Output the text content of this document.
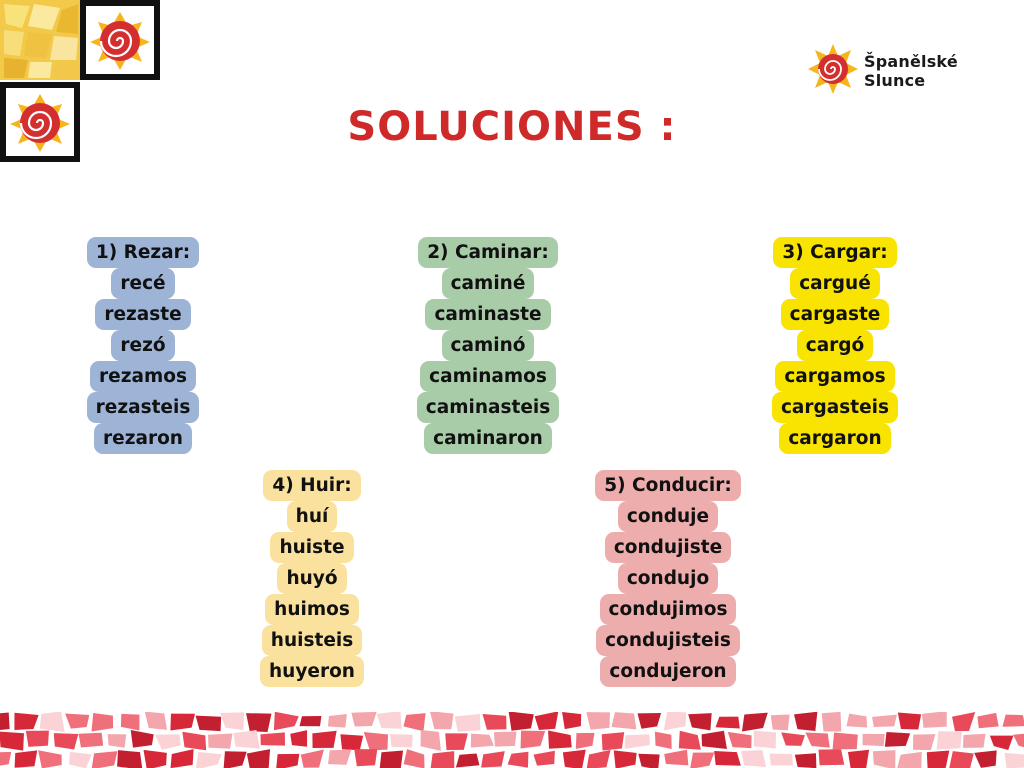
Španělské
Slunce
SOLUCIONES :
1) Rezar:
recé
rezaste
rezó
rezamos
rezasteis
rezaron
2) Caminar:
caminé
caminaste
caminó
caminamos
caminasteis
caminaron
3) Cargar:
cargué
cargaste
cargó
cargamos
cargasteis
cargaron
4) Huir:
huí
huiste
huyó
huimos
huisteis
huyeron
5) Conducir:
conduje
condujiste
condujo
condujimos
condujisteis
condujeron
